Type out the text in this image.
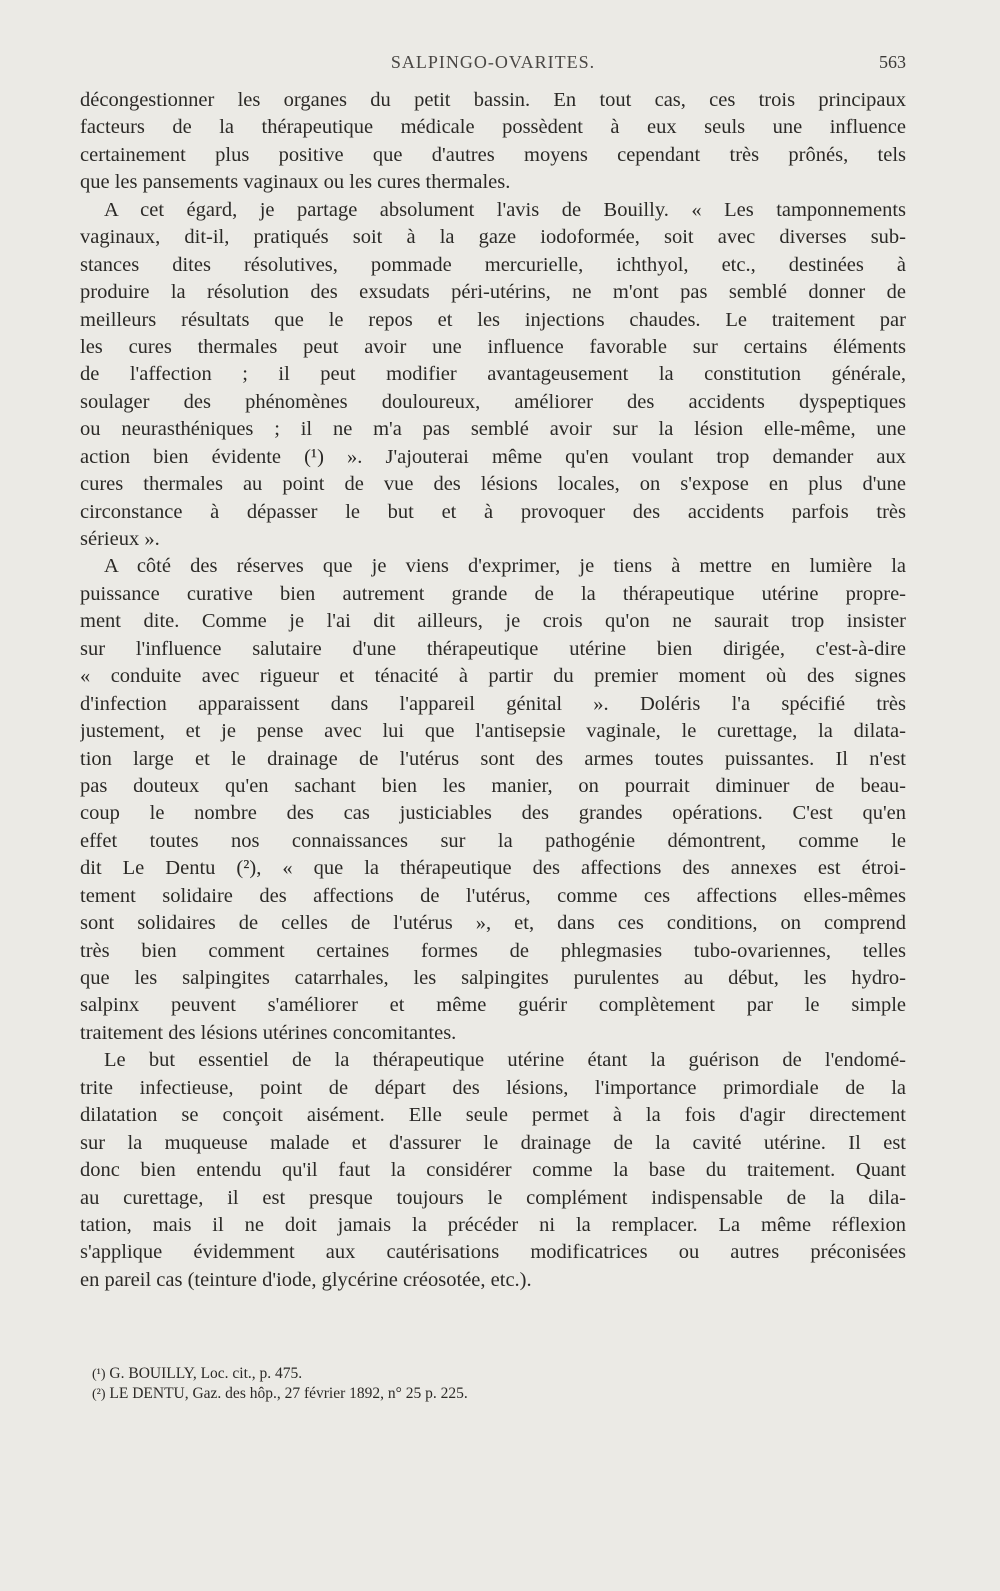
SALPINGO-OVARITES.	563
décongestionner les organes du petit bassin. En tout cas, ces trois principaux
facteurs de la thérapeutique médicale possèdent à eux seuls une influence
certainement plus positive que d'autres moyens cependant très prônés, tels
que les pansements vaginaux ou les cures thermales.
A cet égard, je partage absolument l'avis de Bouilly. « Les tamponnements
vaginaux, dit-il, pratiqués soit à la gaze iodoformée, soit avec diverses sub-
stances dites résolutives, pommade mercurielle, ichthyol, etc., destinées à
produire la résolution des exsudats péri-utérins, ne m'ont pas semblé donner de
meilleurs résultats que le repos et les injections chaudes. Le traitement par
les cures thermales peut avoir une influence favorable sur certains éléments
de l'affection ; il peut modifier avantageusement la constitution générale,
soulager des phénomènes douloureux, améliorer des accidents dyspeptiques
ou neurasthéniques ; il ne m'a pas semblé avoir sur la lésion elle-même, une
action bien évidente (¹) ». J'ajouterai même qu'en voulant trop demander aux
cures thermales au point de vue des lésions locales, on s'expose en plus d'une
circonstance à dépasser le but et à provoquer des accidents parfois très
sérieux ».
A côté des réserves que je viens d'exprimer, je tiens à mettre en lumière la
puissance curative bien autrement grande de la thérapeutique utérine propre-
ment dite. Comme je l'ai dit ailleurs, je crois qu'on ne saurait trop insister
sur l'influence salutaire d'une thérapeutique utérine bien dirigée, c'est-à-dire
« conduite avec rigueur et ténacité à partir du premier moment où des signes
d'infection apparaissent dans l'appareil génital ». Doléris l'a spécifié très
justement, et je pense avec lui que l'antisepsie vaginale, le curettage, la dilata-
tion large et le drainage de l'utérus sont des armes toutes puissantes. Il n'est
pas douteux qu'en sachant bien les manier, on pourrait diminuer de beau-
coup le nombre des cas justiciables des grandes opérations. C'est qu'en
effet toutes nos connaissances sur la pathogénie démontrent, comme le
dit Le Dentu (²), « que la thérapeutique des affections des annexes est étroi-
tement solidaire des affections de l'utérus, comme ces affections elles-mêmes
sont solidaires de celles de l'utérus », et, dans ces conditions, on comprend
très bien comment certaines formes de phlegmasies tubo-ovariennes, telles
que les salpingites catarrhales, les salpingites purulentes au début, les hydro-
salpinx peuvent s'améliorer et même guérir complètement par le simple
traitement des lésions utérines concomitantes.
Le but essentiel de la thérapeutique utérine étant la guérison de l'endomé-
trite infectieuse, point de départ des lésions, l'importance primordiale de la
dilatation se conçoit aisément. Elle seule permet à la fois d'agir directement
sur la muqueuse malade et d'assurer le drainage de la cavité utérine. Il est
donc bien entendu qu'il faut la considérer comme la base du traitement. Quant
au curettage, il est presque toujours le complément indispensable de la dila-
tation, mais il ne doit jamais la précéder ni la remplacer. La même réflexion
s'applique évidemment aux cautérisations modificatrices ou autres préconisées
en pareil cas (teinture d'iode, glycérine créosotée, etc.).
(¹) G. BOUILLY, Loc. cit., p. 475.
(²) LE DENTU, Gaz. des hôp., 27 février 1892, n° 25 p. 225.
